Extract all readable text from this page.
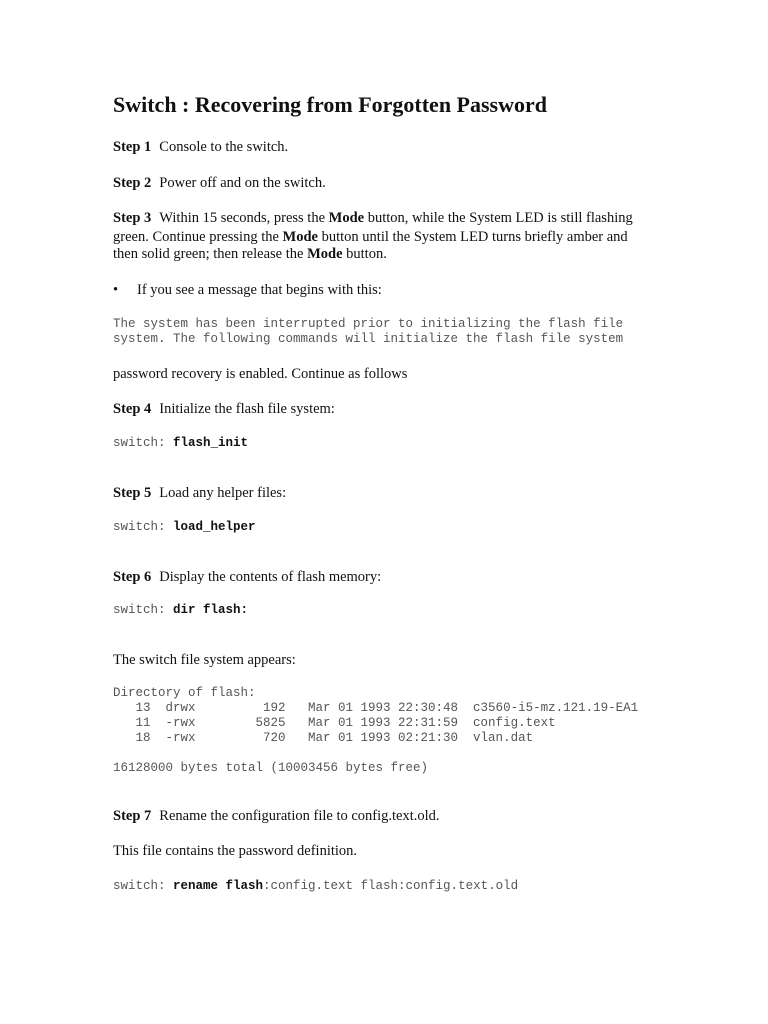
Switch : Recovering from Forgotten Password
Step 1 Console to the switch.
Step 2 Power off and on the switch.
Step 3 Within 15 seconds, press the Mode button, while the System LED is still flashing
green. Continue pressing the Mode button until the System LED turns briefly amber and
then solid green; then release the Mode button.
• If you see a message that begins with this:
The system has been interrupted prior to initializing the flash file
system. The following commands will initialize the flash file system
password recovery is enabled. Continue as follows
Step 4 Initialize the flash file system:
switch: flash_init
Step 5 Load any helper files:
switch: load_helper
Step 6 Display the contents of flash memory:
switch: dir flash:
The switch file system appears:
Directory of flash:
13  drwx         192   Mar 01 1993 22:30:48  c3560-i5-mz.121.19-EA1
11  -rwx        5825   Mar 01 1993 22:31:59  config.text
18  -rwx         720   Mar 01 1993 02:21:30  vlan.dat
16128000 bytes total (10003456 bytes free)
Step 7 Rename the configuration file to config.text.old.
This file contains the password definition.
switch: rename flash:config.text flash:config.text.old
